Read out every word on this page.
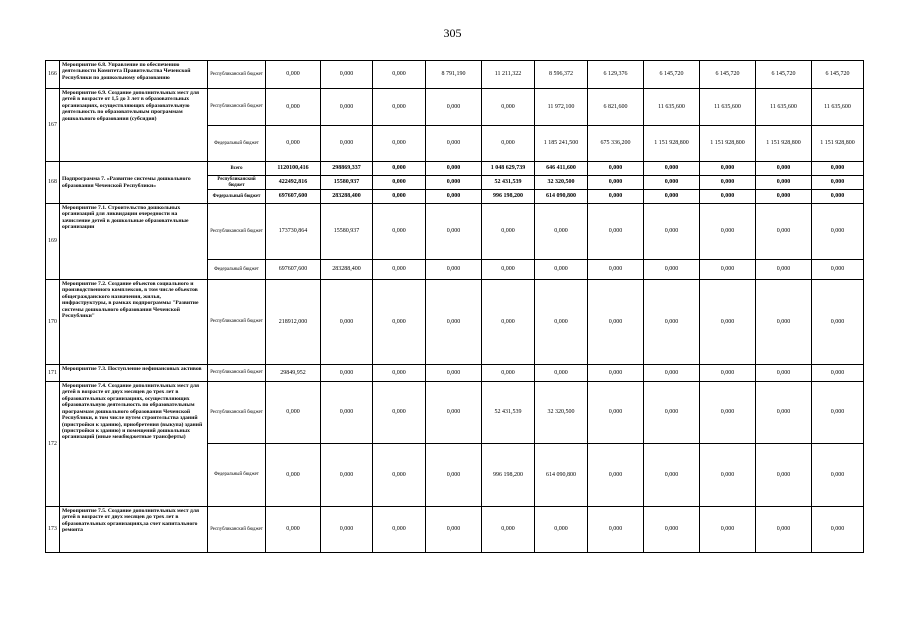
305
166	Мероприятие 6.8. Управление по обеспечению деятельности Комитета Правительства Чеченской Республики по дошкольному образованию	Республиканский бюджет	0,000	0,000	0,000	8 791,190	11 211,322	8 596,372	6 129,376	6 145,720	6 145,720	6 145,720	6 145,720
167	Мероприятие 6.9. Создание дополнительных мест для детей в возрасте от 1,5 до 3 лет в образовательных организациях, осуществляющих образовательную деятельность по образовательным программам дошкольного образования (субсидия)	Республиканский бюджет	0,000	0,000	0,000	0,000	0,000	11 972,100	6 821,600	11 635,600	11 635,600	11 635,600	11 635,600
		Федеральный бюджет	0,000	0,000	0,000	0,000	0,000	1 185 241,500	675 336,200	1 151 928,800	1 151 928,800	1 151 928,800	1 151 928,800
168	Подпрограмма 7. «Развитие системы дошкольного образования Чеченской Республики»	Всего	1120100,416	298869,337	0,000	0,000	1 048 629,739	646 411,600	0,000	0,000	0,000	0,000	0,000
		Республиканский бюджет	422492,816	15580,937	0,000	0,000	52 431,539	32 320,500	0,000	0,000	0,000	0,000	0,000
		Федеральный бюджет	697607,600	283288,400	0,000	0,000	996 198,200	614 090,800	0,000	0,000	0,000	0,000	0,000
169	Мероприятие 7.1. Строительство дошкольных организаций для ликвидации очередности на зачисление детей в дошкольные образовательные организации	Республиканский бюджет	173730,864	15580,937	0,000	0,000	0,000	0,000	0,000	0,000	0,000	0,000	0,000
		Федеральный бюджет	697607,600	283288,400	0,000	0,000	0,000	0,000	0,000	0,000	0,000	0,000	0,000
170	Мероприятие 7.2. Создание объектов социального и производственного комплексов, в том числе объектов общегражданского назначения, жилья, инфраструктуры, в рамках подпрограммы "Развитие системы дошкольного образования Чеченской Республики"	Республиканский бюджет	218912,000	0,000	0,000	0,000	0,000	0,000	0,000	0,000	0,000	0,000	0,000
171	Мероприятие 7.3. Поступление нефинансовых активов	Республиканский бюджет	29849,952	0,000	0,000	0,000	0,000	0,000	0,000	0,000	0,000	0,000	0,000
172	Мероприятие 7.4. Создание дополнительных мест для детей в возрасте от двух месяцев до трех лет в образовательных организациях, осуществляющих образовательную деятельность по образовательным программам дошкольного образования Чеченской Республики, в том числе путем строительства зданий (пристройки к зданию), приобретения (выкупа) зданий (пристройки к зданию) и помещений дошкольных организаций (иные межбюджетные трансферты)	Республиканский бюджет	0,000	0,000	0,000	0,000	52 431,539	32 320,500	0,000	0,000	0,000	0,000	0,000
		Федеральный бюджет	0,000	0,000	0,000	0,000	996 198,200	614 090,800	0,000	0,000	0,000	0,000	0,000
173	Мероприятие 7.5. Создание дополнительных мест для детей в возрасте от двух месяцев до трех лет в образовательных организациях,за счет капитального ремонта	Республиканский бюджет	0,000	0,000	0,000	0,000	0,000	0,000	0,000	0,000	0,000	0,000	0,000
